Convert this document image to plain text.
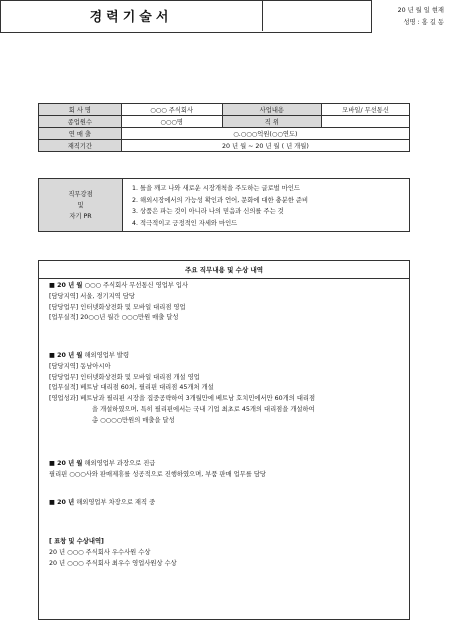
경력기술서	20 년 월 일 현재
성명 : 홍 길 동
회 사 명	○○○ 주식회사	사업내용	모바일/ 무선통신
종업원수	○○○명	직 위	
연 매 출	○.○○○억원(○○연도)		
재직기간	20 년 월 ~ 20 년 월 ( 년 개월)		
직무강점
및
자기 PR
1. 틀을 깨고 나와 새로운 시장개척을 주도하는 글로벌 마인드
2. 해외시장에서의 가능성 확인과 언어, 문화에 대한 충분한 준비
3. 상품은 파는 것이 아니라 나의 믿음과 신의를 주는 것
4. 적극적이고 긍정적인 자세와 마인드
주요 직무내용 및 수상 내역
■ 20 년 월 ○○○ 주식회사 무선통신 영업부 입사
[담당지역] 서울, 경기지역 담당
[담당업무] 인터넷화상전화 및 모바일 대리점 영업
[업무실적] 20○○년 월간 ○○○만원 매출 달성
■ 20 년 월 해외영업부 발령
[담당지역] 동남아시아
[담당업무] 인터넷화상전화 및 모바일 대리점 개설 영업
[업무실적] 베트남 대리점 60처, 필리핀 대리점 45개처 개설
[영업성과] 베트남과 필리핀 시장을 집중공략하여 3개월만에 베트남 호치민에서만 60개의 대리점
을 개설하였으며, 특히 필리핀에서는 국내 기업 최초로 45개의 대리점을 개설하여
총 ○○○○만원의 매출을 달성
■ 20 년 월 해외영업부 과장으로 진급
필리핀 ○○○사와 판매제휴를 성공적으로 진행하였으며, 부품 판매 업무를 담당
■ 20 년 해외영업부 차장으로 재직 중
[ 표창 및 수상내역]
20 년 ○○○ 주식회사 우수사원 수상
20 년 ○○○ 주식회사 최우수 영업사원상 수상
